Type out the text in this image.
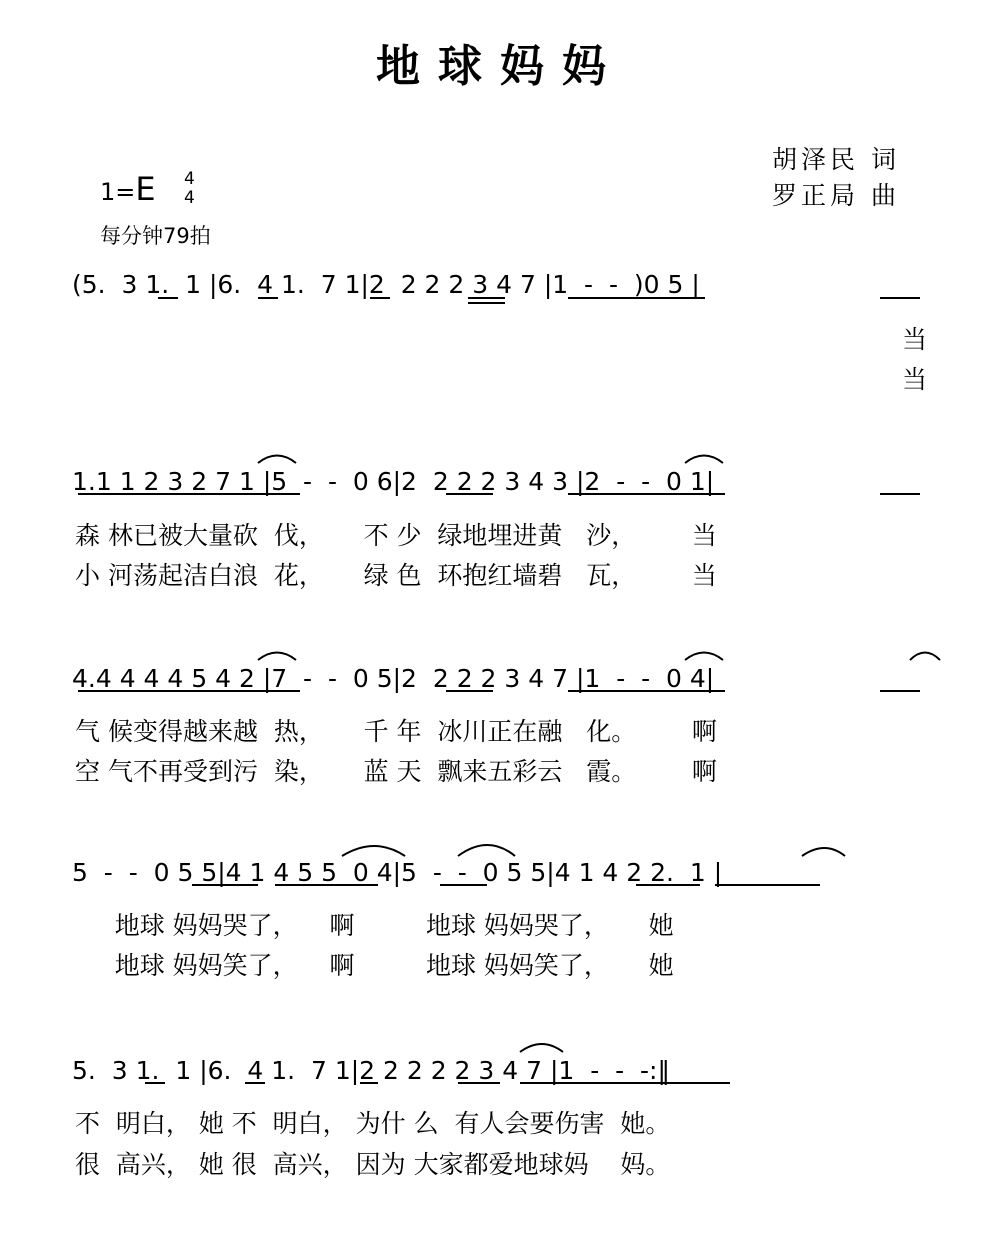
地球妈妈
胡泽民 词
罗正局 曲
1=E 4
4
每分钟79拍
(5.  3 1.  1 |6.  4 1.  7 1|2  2 2 2 3 4 7 |1  -  -  )0 5 |
当
当
1.1 1 2 3 2 7 1 |5  -  -  0 6|2  2 2 2 3 4 3 |2  -  -  0 1|
森 林已被大量砍  伐，     不 少  绿地埋进黄   沙，       当
小 河荡起洁白浪  花，     绿 色  环抱红墙碧   瓦，       当
4.4 4 4 4 5 4 2 |7  -  -  0 5|2  2 2 2 3 4 7 |1  -  -  0 4|
气 候变得越来越  热，     千 年  冰川正在融   化。       啊
空 气不再受到污  染，     蓝 天  飘来五彩云   霞。       啊
5  -  -  0 5 5|4 1 4 5 5  0 4|5  -  -  0 5 5|4 1 4 2 2.  1 |
地球 妈妈哭了，    啊         地球 妈妈哭了，     她
地球 妈妈笑了，    啊         地球 妈妈笑了，     她
5.  3 1.  1 |6.  4 1.  7 1|2 2 2 2 2 3 4 7 |1  -  -  -:‖
不  明白， 她 不  明白， 为什 么  有人会要伤害  她。
很  高兴， 她 很  高兴， 因为 大家都爱地球妈    妈。
